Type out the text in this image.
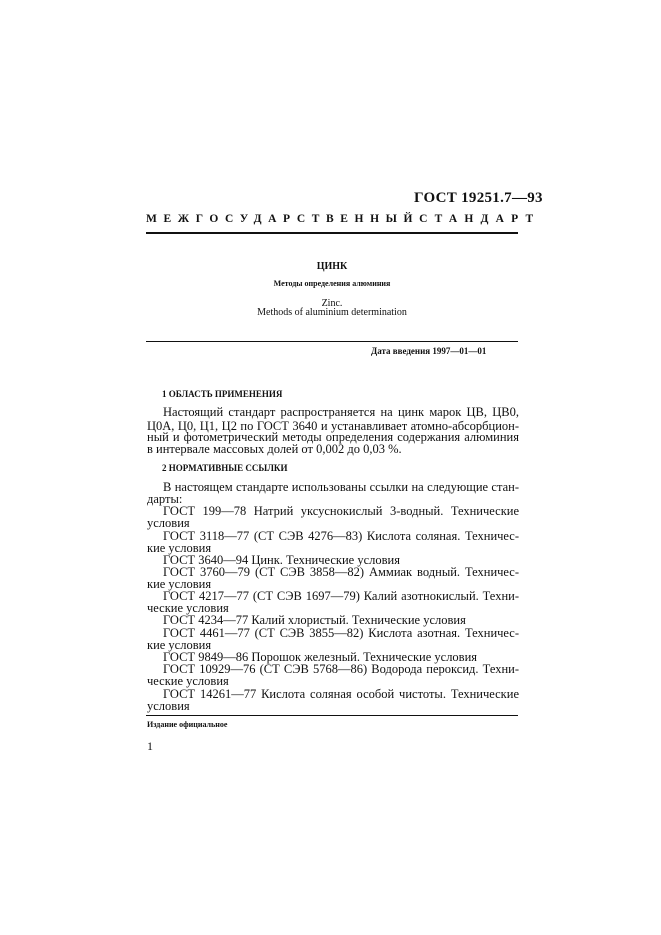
ГОСТ 19251.7—93
МЕЖГОСУДАРСТВЕННЫЙ СТАНДАРТ
ЦИНК
Методы определения алюминия
Zinc.
Methods of aluminium determination
Дата введения 1997—01—01
1 ОБЛАСТЬ ПРИМЕНЕНИЯ
Настоящий стандарт распространяется на цинк марок ЦВ, ЦВ0,
Ц0А, Ц0, Ц1, Ц2 по ГОСТ 3640 и устанавливает атомно-абсорбцион-
ный и фотометрический методы определения содержания алюминия
в интервале массовых долей от 0,002 до 0,03 %.
2 НОРМАТИВНЫЕ ССЫЛКИ
В настоящем стандарте использованы ссылки на следующие стан-
дарты:
ГОСТ 199—78 Натрий уксуснокислый 3-водный. Технические
условия
ГОСТ 3118—77 (СТ СЭВ 4276—83) Кислота соляная. Техничес-
кие условия
ГОСТ 3640—94 Цинк. Технические условия
ГОСТ 3760—79 (СТ СЭВ 3858—82) Аммиак водный. Техничес-
кие условия
ГОСТ 4217—77 (СТ СЭВ 1697—79) Калий азотнокислый. Техни-
ческие условия
ГОСТ 4234—77 Калий хлористый. Технические условия
ГОСТ 4461—77 (СТ СЭВ 3855—82) Кислота азотная. Техничес-
кие условия
ГОСТ 9849—86 Порошок железный. Технические условия
ГОСТ 10929—76 (СТ СЭВ 5768—86) Водорода пероксид. Техни-
ческие условия
ГОСТ 14261—77 Кислота соляная особой чистоты. Технические
условия
Издание официальное
1
